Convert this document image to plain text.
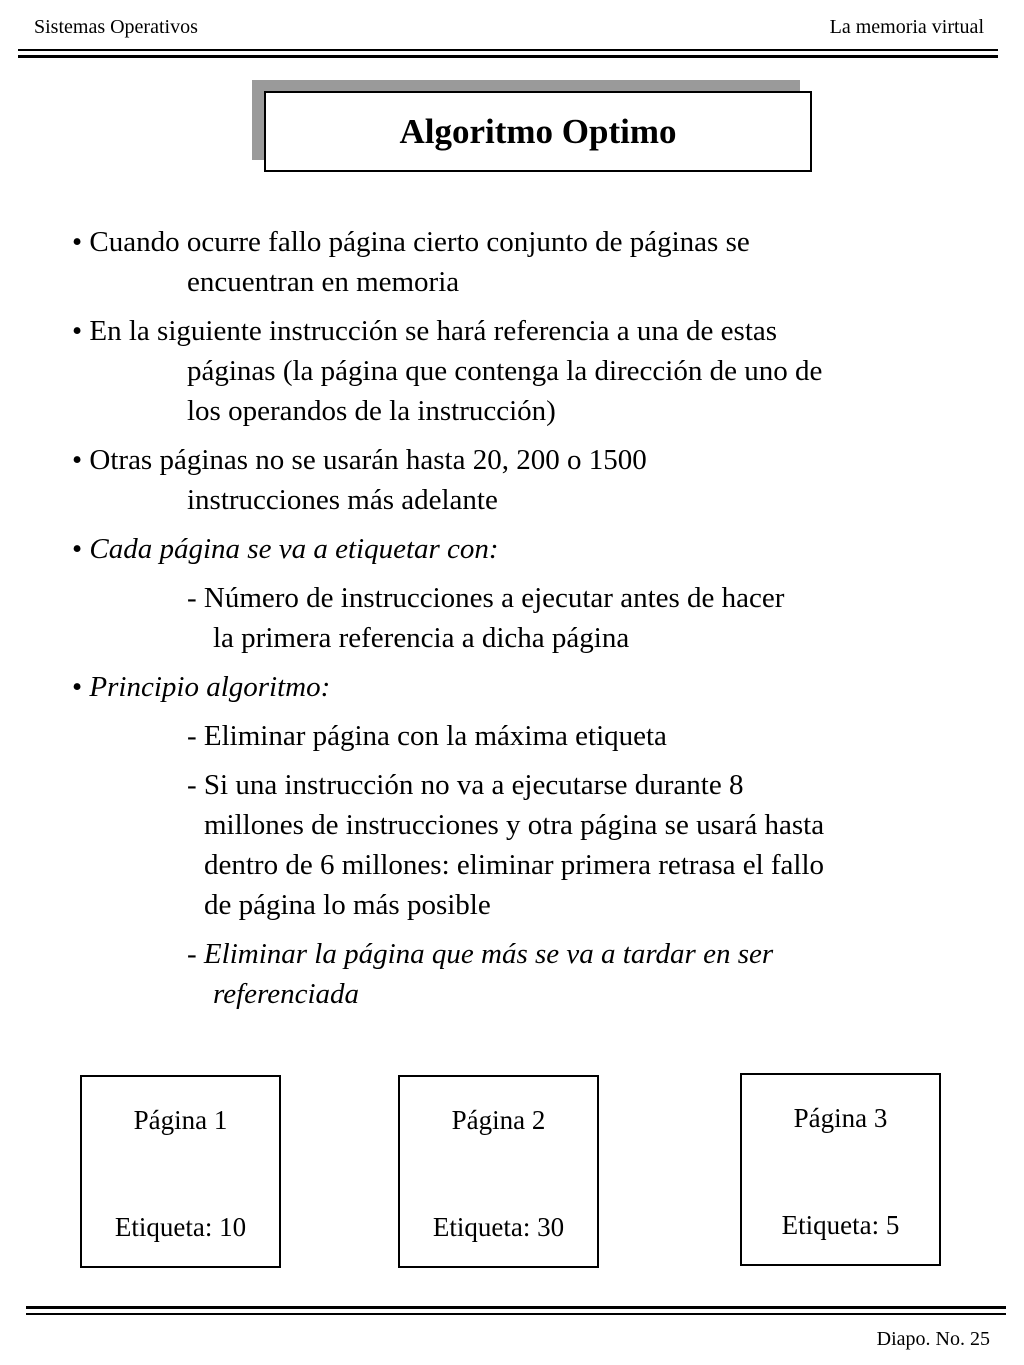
Sistemas Operativos	La memoria virtual
Algoritmo Optimo
• Cuando ocurre fallo página cierto conjunto de páginas se
encuentran en memoria
• En la siguiente instrucción se hará referencia a una de estas
páginas (la página que contenga la dirección de uno de
los operandos de la instrucción)
• Otras páginas no se usarán hasta 20, 200 o 1500
instrucciones más adelante
• Cada página se va a etiquetar con:
- Número de instrucciones a ejecutar antes de hacer
la primera referencia a dicha página
• Principio algoritmo:
- Eliminar página con la máxima etiqueta
- Si una instrucción no va a ejecutarse durante 8
millones de instrucciones y otra página se usará hasta
dentro de 6 millones: eliminar primera retrasa el fallo
de página lo más posible
- Eliminar la página que más se va a tardar en ser
referenciada
Página 1
Etiqueta: 10
Página 2
Etiqueta: 30
Página 3
Etiqueta: 5
Diapo. No. 25
